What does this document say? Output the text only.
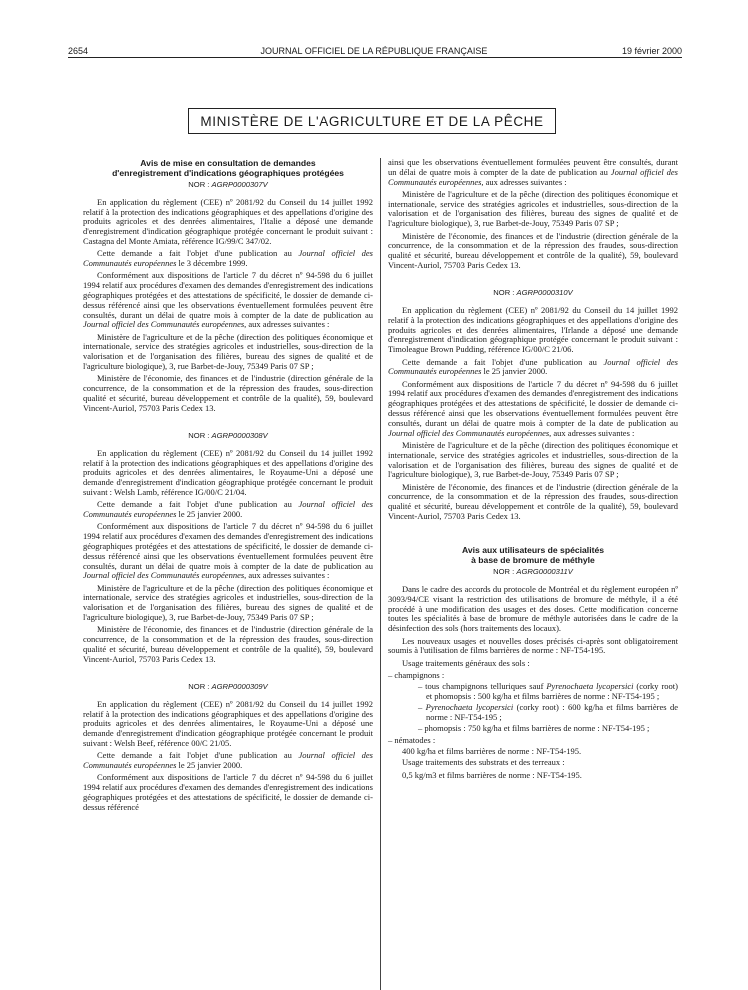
2654	JOURNAL OFFICIEL DE LA RÉPUBLIQUE FRANÇAISE	19 février 2000
MINISTÈRE DE L'AGRICULTURE ET DE LA PÊCHE

Avis de mise en consultation de demandes

d'enregistrement d'indications géographiques protégées

NOR : AGRP0000307V

En application du règlement (CEE) nº 2081/92 du Conseil du 14 juillet 1992 relatif à la protection des indications géographiques et des appellations d'origine des produits agricoles et des denrées alimentaires, l'Italie a déposé une demande d'enregistrement d'indication géographique protégée concernant le produit suivant : Castagna del Monte Amiata, référence IG/99/C 347/02.

Cette demande a fait l'objet d'une publication au Journal officiel des Communautés européennes le 3 décembre 1999.

Conformément aux dispositions de l'article 7 du décret nº 94-598 du 6 juillet 1994 relatif aux procédures d'examen des demandes d'enregistrement des indications géographiques protégées et des attestations de spécificité, le dossier de demande ci-dessus référencé ainsi que les observations éventuellement formulées peuvent être consultés, durant un délai de quatre mois à compter de la date de publication au Journal officiel des Communautés européennes, aux adresses suivantes :

Ministère de l'agriculture et de la pêche (direction des politiques économique et internationale, service des stratégies agricoles et industrielles, sous-direction de la valorisation et de l'organisation des filières, bureau des signes de qualité et de l'agriculture biologique), 3, rue Barbet-de-Jouy, 75349 Paris 07 SP ;

Ministère de l'économie, des finances et de l'industrie (direction générale de la concurrence, de la consommation et de la répression des fraudes, sous-direction qualité et sécurité, bureau développement et contrôle de la qualité), 59, boulevard Vincent-Auriol, 75703 Paris Cedex 13.

NOR : AGRP0000308V

En application du règlement (CEE) nº 2081/92 du Conseil du 14 juillet 1992 relatif à la protection des indications géographiques et des appellations d'origine des produits agricoles et des denrées alimentaires, le Royaume-Uni a déposé une demande d'enregistrement d'indication géographique protégée concernant le produit suivant : Welsh Lamb, référence IG/00/C 21/04.

Cette demande a fait l'objet d'une publication au Journal officiel des Communautés européennes le 25 janvier 2000.

Conformément aux dispositions de l'article 7 du décret nº 94-598 du 6 juillet 1994 relatif aux procédures d'examen des demandes d'enregistrement des indications géographiques protégées et des attestations de spécificité, le dossier de demande ci-dessus référencé ainsi que les observations éventuellement formulées peuvent être consultés, durant un délai de quatre mois à compter de la date de publication au Journal officiel des Communautés européennes, aux adresses suivantes :

Ministère de l'agriculture et de la pêche (direction des politiques économique et internationale, service des stratégies agricoles et industrielles, sous-direction de la valorisation et de l'organisation des filières, bureau des signes de qualité et de l'agriculture biologique), 3, rue Barbet-de-Jouy, 75349 Paris 07 SP ;

Ministère de l'économie, des finances et de l'industrie (direction générale de la concurrence, de la consommation et de la répression des fraudes, sous-direction qualité et sécurité, bureau développement et contrôle de la qualité), 59, boulevard Vincent-Auriol, 75703 Paris Cedex 13.

NOR : AGRP0000309V

En application du règlement (CEE) nº 2081/92 du Conseil du 14 juillet 1992 relatif à la protection des indications géographiques et des appellations d'origine des produits agricoles et des denrées alimentaires, le Royaume-Uni a déposé une demande d'enregistrement d'indication géographique protégée concernant le produit suivant : Welsh Beef, référence 00/C 21/05.

Cette demande a fait l'objet d'une publication au Journal officiel des Communautés européennes le 25 janvier 2000.

Conformément aux dispositions de l'article 7 du décret nº 94-598 du 6 juillet 1994 relatif aux procédures d'examen des demandes d'enregistrement des indications géographiques protégées et des attestations de spécificité, le dossier de demande ci-dessus référencé

ainsi que les observations éventuellement formulées peuvent être consultés, durant un délai de quatre mois à compter de la date de publication au Journal officiel des Communautés européennes, aux adresses suivantes :

Ministère de l'agriculture et de la pêche (direction des politiques économique et internationale, service des stratégies agricoles et industrielles, sous-direction de la valorisation et de l'organisation des filières, bureau des signes de qualité et de l'agriculture biologique), 3, rue Barbet-de-Jouy, 75349 Paris 07 SP ;

Ministère de l'économie, des finances et de l'industrie (direction générale de la concurrence, de la consommation et de la répression des fraudes, sous-direction qualité et sécurité, bureau développement et contrôle de la qualité), 59, boulevard Vincent-Auriol, 75703 Paris Cedex 13.

NOR : AGRP0000310V

En application du règlement (CEE) nº 2081/92 du Conseil du 14 juillet 1992 relatif à la protection des indications géographiques et des appellations d'origine des produits agricoles et des denrées alimentaires, l'Irlande a déposé une demande d'enregistrement d'indication géographique protégée concernant le produit suivant : Timoleague Brown Pudding, référence IG/00/C 21/06.

Cette demande a fait l'objet d'une publication au Journal officiel des Communautés européennes le 25 janvier 2000.

Conformément aux dispositions de l'article 7 du décret nº 94-598 du 6 juillet 1994 relatif aux procédures d'examen des demandes d'enregistrement des indications géographiques protégées et des attestations de spécificité, le dossier de demande ci-dessus référencé ainsi que les observations éventuellement formulées peuvent être consultés, durant un délai de quatre mois à compter de la date de publication au Journal officiel des Communautés européennes, aux adresses suivantes :

Ministère de l'agriculture et de la pêche (direction des politiques économique et internationale, service des stratégies agricoles et industrielles, sous-direction de la valorisation et de l'organisation des filières, bureau des signes de qualité et de l'agriculture biologique), 3, rue Barbet-de-Jouy, 75349 Paris 07 SP ;

Ministère de l'économie, des finances et de l'industrie (direction générale de la concurrence, de la consommation et de la répression des fraudes, sous-direction qualité et sécurité, bureau développement et contrôle de la qualité), 59, boulevard Vincent-Auriol, 75703 Paris Cedex 13.

Avis aux utilisateurs de spécialités

à base de bromure de méthyle

NOR : AGRG0000311V

Dans le cadre des accords du protocole de Montréal et du règlement européen nº 3093/94/CE visant la restriction des utilisations de bromure de méthyle, il a été procédé à une modification des usages et des doses. Cette modification concerne toutes les spécialités à base de bromure de méthyle autorisées dans le cadre de la désinfection des sols (hors traitements des locaux).

Les nouveaux usages et nouvelles doses précisés ci-après sont obligatoirement soumis à l'utilisation de films barrières de norme : NF-T54-195.

Usage traitements généraux des sols :

– champignons :

– tous champignons telluriques sauf Pyrenochaeta lycopersici (corky root) et phomopsis : 500 kg/ha et films barrières de norme : NF-T54-195 ;

– Pyrenochaeta lycopersici (corky root) : 600 kg/ha et films barrières de norme : NF-T54-195 ;

– phomopsis : 750 kg/ha et films barrières de norme : NF-T54-195 ;

– nématodes :

400 kg/ha et films barrières de norme : NF-T54-195.

Usage traitements des substrats et des terreaux :

0,5 kg/m3 et films barrières de norme : NF-T54-195.
